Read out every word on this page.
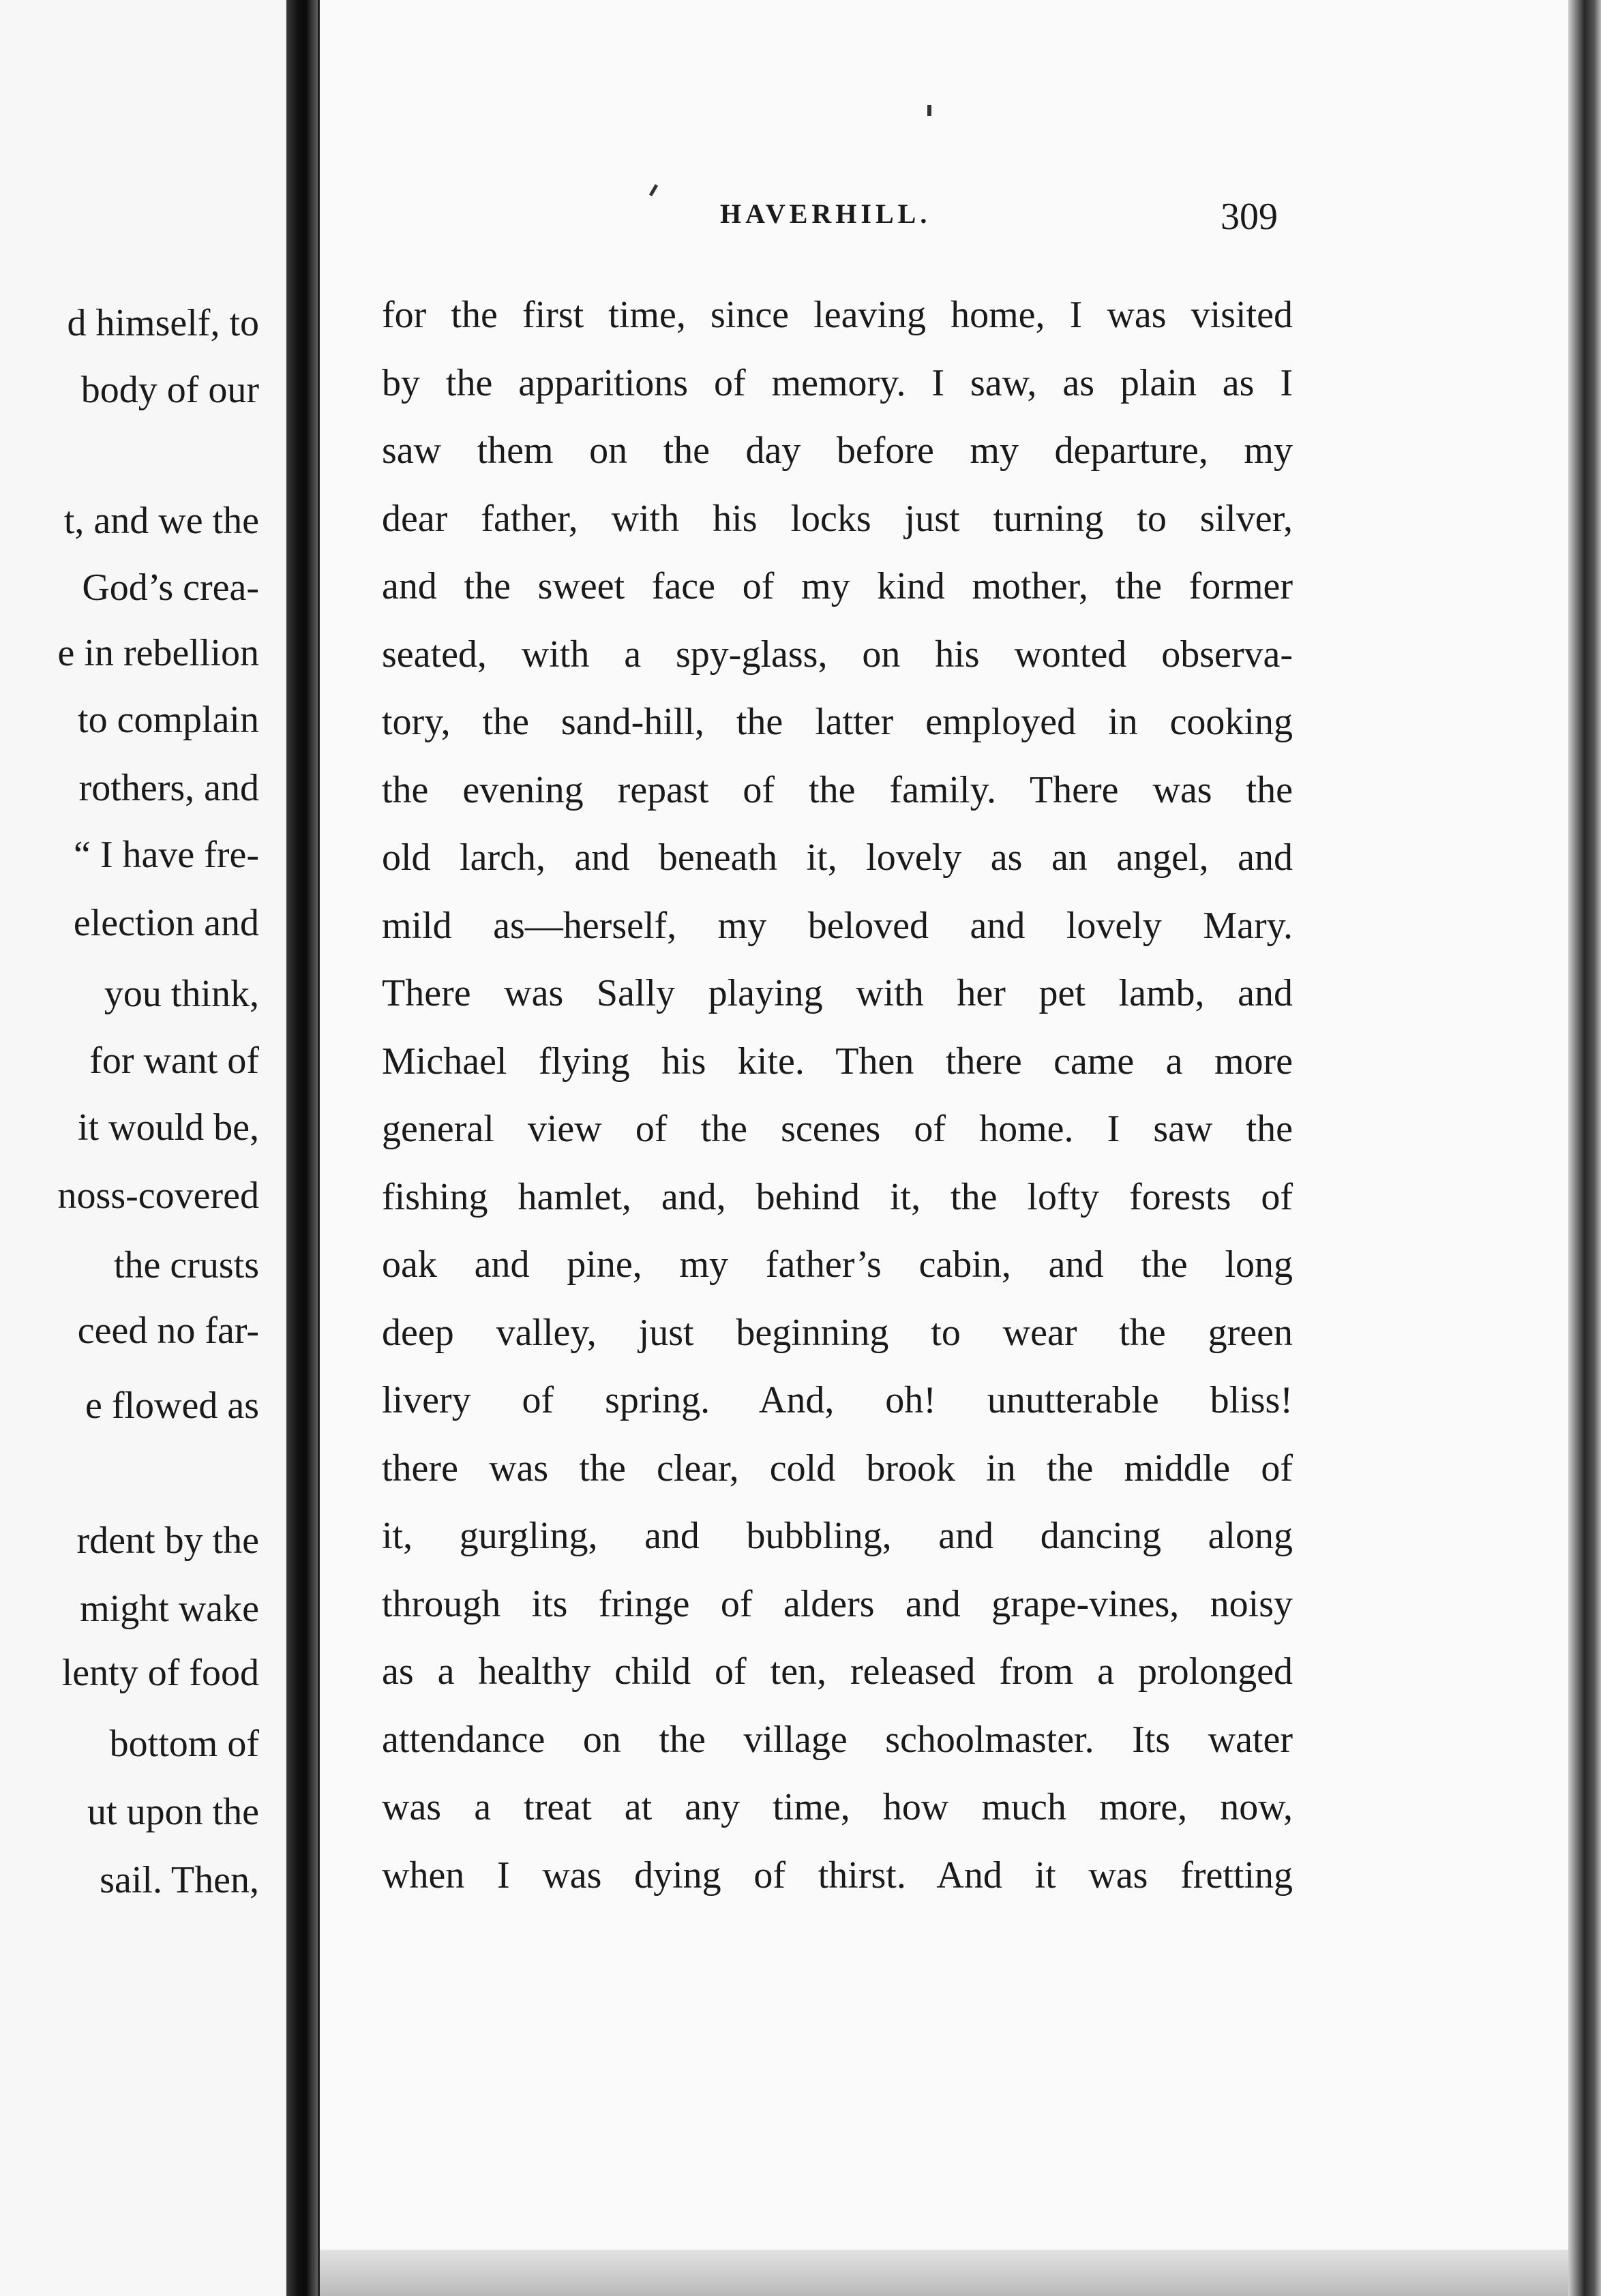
d himself, to
body of our
t, and we the
God’s crea-
e in rebellion
to complain
rothers, and
“ I have fre-
election and
you think,
for want of
it would be,
noss-covered
the crusts
ceed no far-
e flowed as
rdent by the
might wake
lenty of food
bottom of
ut upon the
sail. Then,
HAVERHILL.	309
for the first time, since leaving home, I was visited
by the apparitions of memory. I saw, as plain as I
saw them on the day before my departure, my
dear father, with his locks just turning to silver,
and the sweet face of my kind mother, the former
seated, with a spy-glass, on his wonted observa-
tory, the sand-hill, the latter employed in cooking
the evening repast of the family. There was the
old larch, and beneath it, lovely as an angel, and
mild as—herself, my beloved and lovely Mary.
There was Sally playing with her pet lamb, and
Michael flying his kite. Then there came a more
general view of the scenes of home. I saw the
fishing hamlet, and, behind it, the lofty forests of
oak and pine, my father’s cabin, and the long
deep valley, just beginning to wear the green
livery of spring. And, oh! unutterable bliss!
there was the clear, cold brook in the middle of
it, gurgling, and bubbling, and dancing along
through its fringe of alders and grape-vines, noisy
as a healthy child of ten, released from a prolonged
attendance on the village schoolmaster. Its water
was a treat at any time, how much more, now,
when I was dying of thirst. And it was fretting
